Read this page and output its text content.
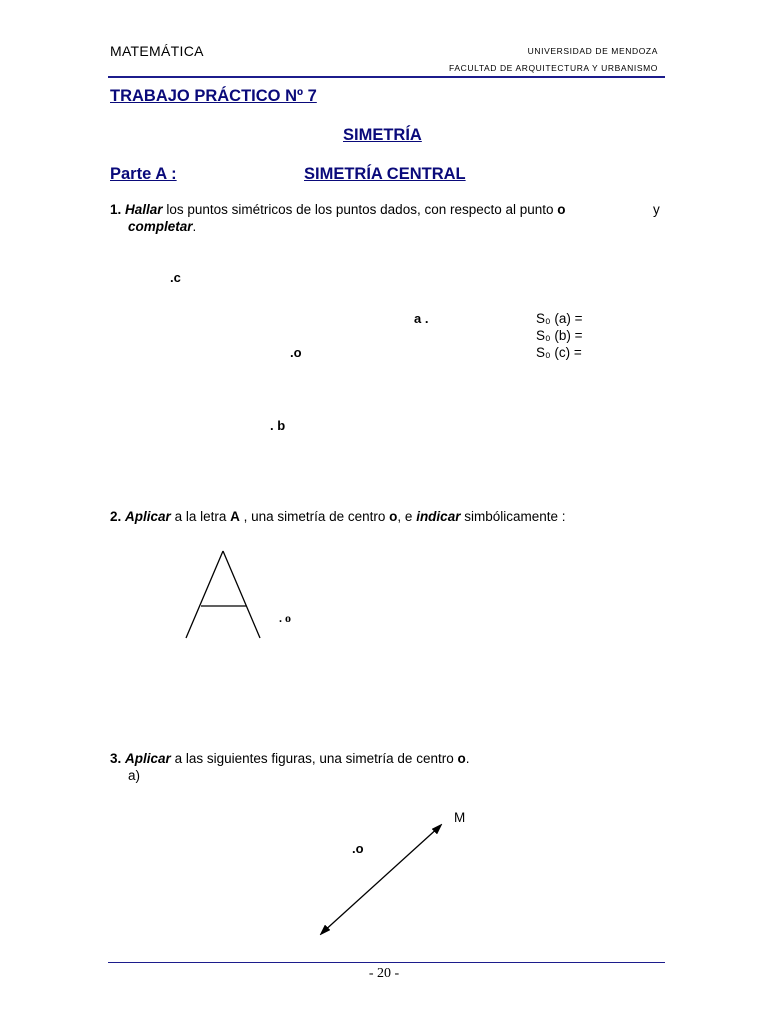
MATEMÁTICA	UNIVERSIDAD DE MENDOZA
FACULTAD DE ARQUITECTURA Y URBANISMO
TRABAJO PRÁCTICO Nº 7
SIMETRÍA
Parte A :	SIMETRÍA CENTRAL
1. Hallar los puntos simétricos de los puntos dados, con respecto al punto o	y
completar.
.c
a .
.o
. b
S₀ (a) =
S₀ (b) =
S₀ (c) =
2. Aplicar a la letra A , una simetría de centro o, e indicar simbólicamente :
. o
3. Aplicar a las siguientes figuras, una simetría de centro o.
a)
M
.o
- 20 -
